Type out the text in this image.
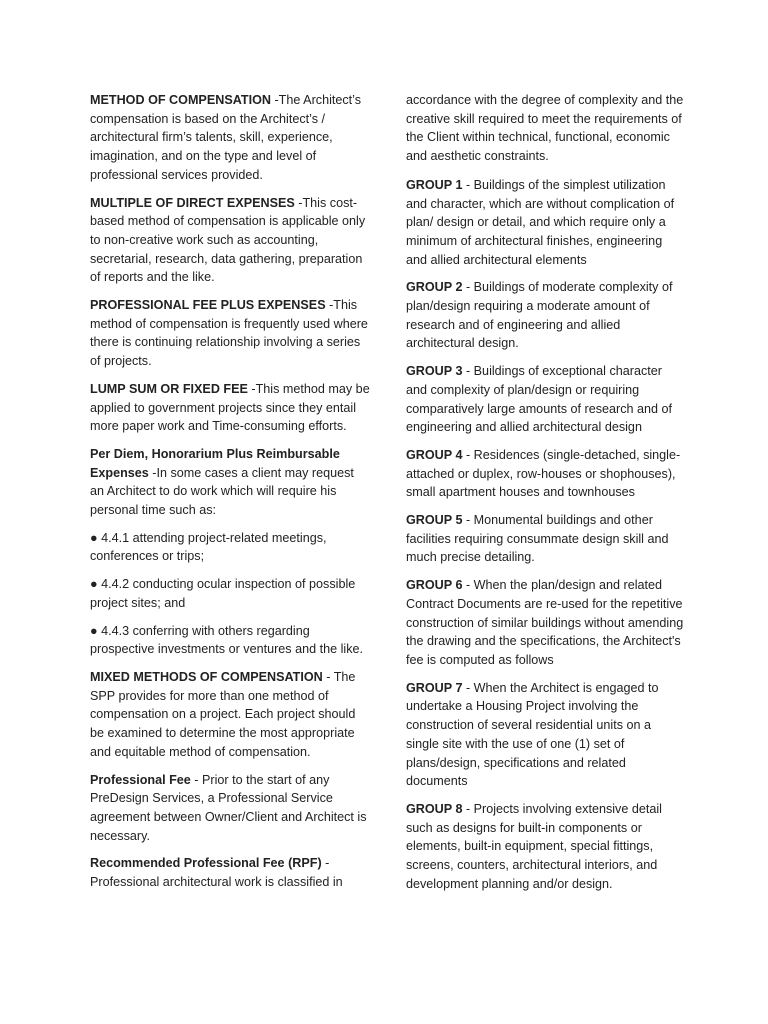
METHOD OF COMPENSATION -The Architect’s compensation is based on the Architect’s / architectural firm’s talents, skill, experience, imagination, and on the type and level of professional services provided.

MULTIPLE OF DIRECT EXPENSES -This cost-based method of compensation is applicable only to non-creative work such as accounting, secretarial, research, data gathering, preparation of reports and the like.

PROFESSIONAL FEE PLUS EXPENSES -This method of compensation is frequently used where there is continuing relationship involving a series of projects.

LUMP SUM OR FIXED FEE -This method may be applied to government projects since they entail more paper work and Time-consuming efforts.

Per Diem, Honorarium Plus Reimbursable Expenses -In some cases a client may request an Architect to do work which will require his personal time such as:

● 4.4.1 attending project-related meetings, conferences or trips;

● 4.4.2 conducting ocular inspection of possible project sites; and

● 4.4.3 conferring with others regarding prospective investments or ventures and the like.

MIXED METHODS OF COMPENSATION - The SPP provides for more than one method of compensation on a project. Each project should be examined to determine the most appropriate and equitable method of compensation.

Professional Fee - Prior to the start of any PreDesign Services, a Professional Service agreement between Owner/Client and Architect is necessary.

Recommended Professional Fee (RPF) - Professional architectural work is classified in

accordance with the degree of complexity and the creative skill required to meet the requirements of the Client within technical, functional, economic and aesthetic constraints.

GROUP 1 - Buildings of the simplest utilization and character, which are without complication of plan/ design or detail, and which require only a minimum of architectural finishes, engineering and allied architectural elements

GROUP 2 - Buildings of moderate complexity of plan/design requiring a moderate amount of research and of engineering and allied architectural design.

GROUP 3 - Buildings of exceptional character and complexity of plan/design or requiring comparatively large amounts of research and of engineering and allied architectural design

GROUP 4 - Residences (single-detached, single-attached or duplex, row-houses or shophouses), small apartment houses and townhouses

GROUP 5 - Monumental buildings and other facilities requiring consummate design skill and much precise detailing.

GROUP 6 - When the plan/design and related Contract Documents are re-used for the repetitive construction of similar buildings without amending the drawing and the specifications, the Architect's fee is computed as follows

GROUP 7 - When the Architect is engaged to undertake a Housing Project involving the construction of several residential units on a single site with the use of one (1) set of plans/design, specifications and related documents

GROUP 8 - Projects involving extensive detail such as designs for built-in components or elements, built-in equipment, special fittings, screens, counters, architectural interiors, and development planning and/or design.
